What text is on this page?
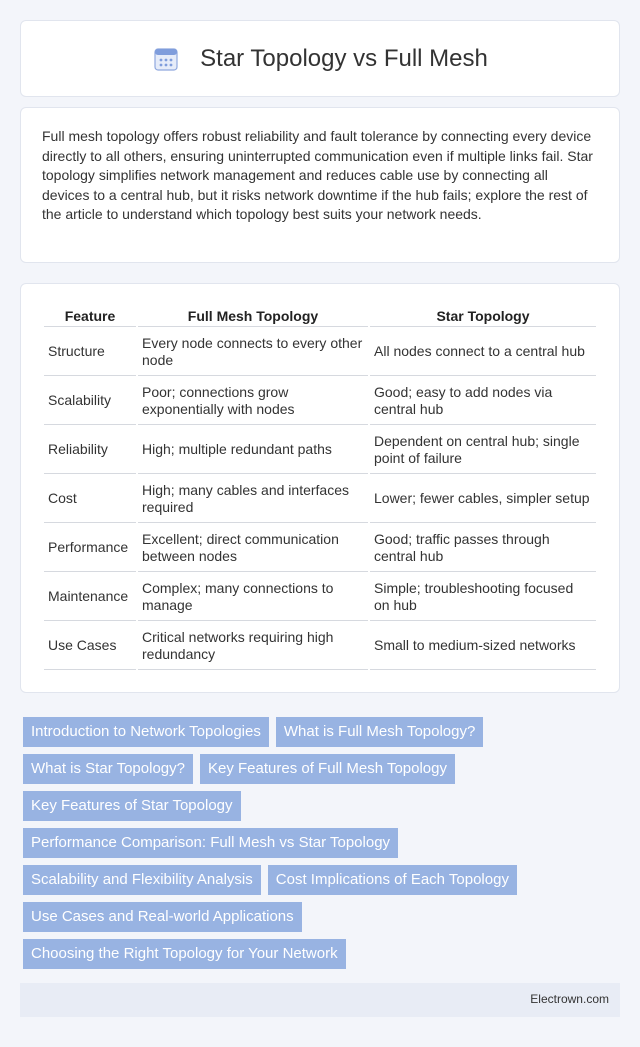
Star Topology vs Full Mesh

Full mesh topology offers robust reliability and fault tolerance by connecting every device directly to all others, ensuring uninterrupted communication even if multiple links fail. Star topology simplifies network management and reduces cable use by connecting all devices to a central hub, but it risks network downtime if the hub fails; explore the rest of the article to understand which topology best suits your network needs.

Feature	Full Mesh Topology	Star Topology
Structure	Every node connects to every other node	All nodes connect to a central hub
Scalability	Poor; connections grow exponentially with nodes	Good; easy to add nodes via central hub
Reliability	High; multiple redundant paths	Dependent on central hub; single point of failure
Cost	High; many cables and interfaces required	Lower; fewer cables, simpler setup
Performance	Excellent; direct communication between nodes	Good; traffic passes through central hub
Maintenance	Complex; many connections to manage	Simple; troubleshooting focused on hub
Use Cases	Critical networks requiring high redundancy	Small to medium-sized networks
Introduction to Network Topologies	What is Full Mesh Topology?
What is Star Topology?	Key Features of Full Mesh Topology
Key Features of Star Topology
Performance Comparison: Full Mesh vs Star Topology
Scalability and Flexibility Analysis	Cost Implications of Each Topology
Use Cases and Real-world Applications
Choosing the Right Topology for Your Network
Electrown.com
